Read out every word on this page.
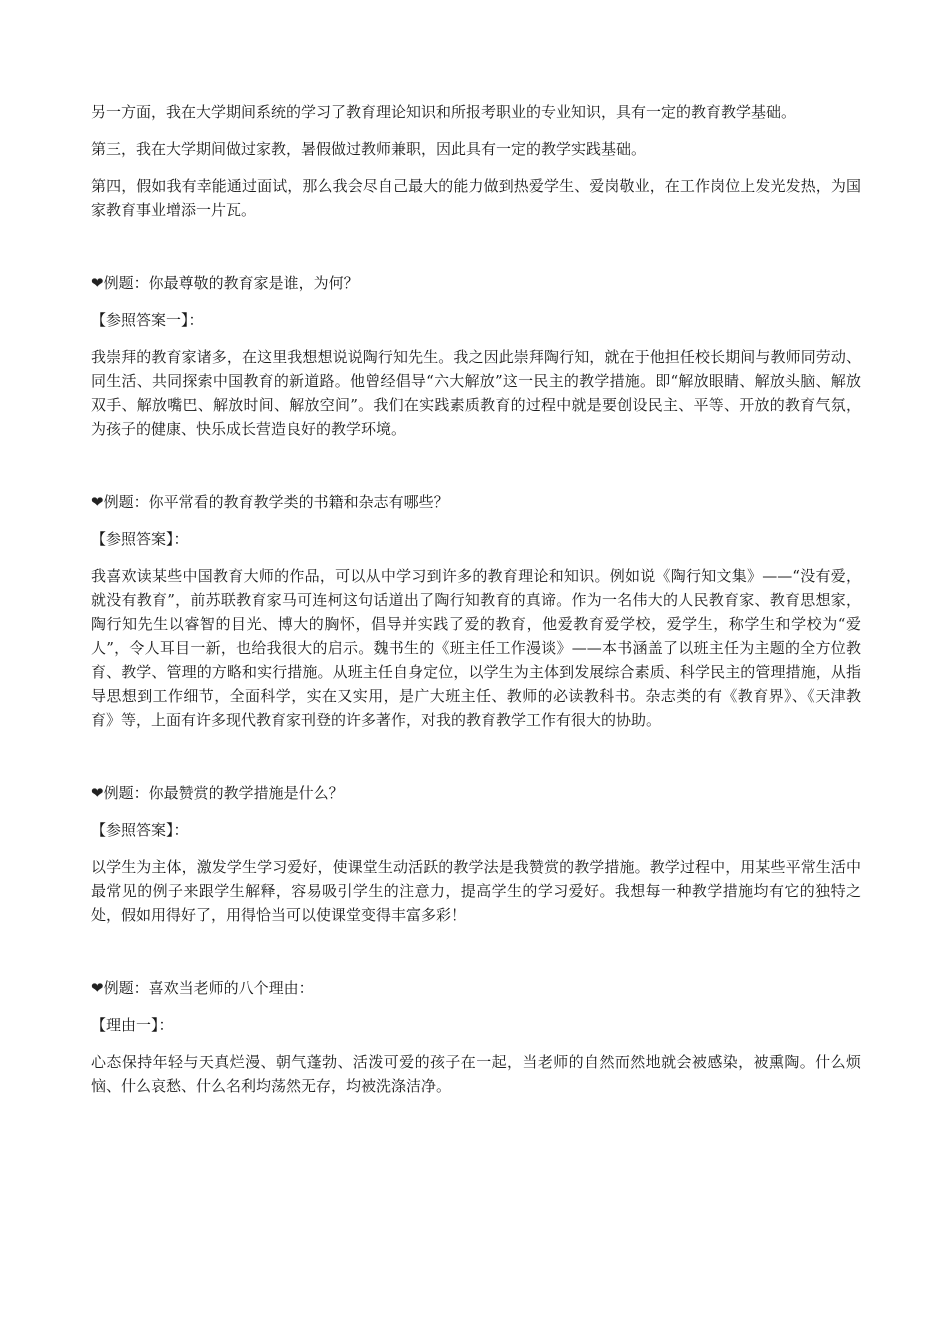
另一方面，我在大学期间系统的学习了教育理论知识和所报考职业的专业知识，具有一定的教育教学基础。

第三，我在大学期间做过家教，暑假做过教师兼职，因此具有一定的教学实践基础。

第四，假如我有幸能通过面试，那么我会尽自己最大的能力做到热爱学生、爱岗敬业，在工作岗位上发光发热，为国家教育事业增添一片瓦。

❤例题：你最尊敬的教育家是谁，为何？

【参照答案一】：

我崇拜的教育家诸多，在这里我想想说说陶行知先生。我之因此崇拜陶行知，就在于他担任校长期间与教师同劳动、同生活、共同探索中国教育的新道路。他曾经倡导“六大解放”这一民主的教学措施。即“解放眼睛、解放头脑、解放双手、解放嘴巴、解放时间、解放空间”。我们在实践素质教育的过程中就是要创设民主、平等、开放的教育气氛，为孩子的健康、快乐成长营造良好的教学环境。

❤例题：你平常看的教育教学类的书籍和杂志有哪些？

【参照答案】：

我喜欢读某些中国教育大师的作品，可以从中学习到许多的教育理论和知识。例如说《陶行知文集》——“没有爱，就没有教育”，前苏联教育家马可连柯这句话道出了陶行知教育的真谛。作为一名伟大的人民教育家、教育思想家，陶行知先生以睿智的目光、博大的胸怀，倡导并实践了爱的教育，他爱教育爱学校，爱学生，称学生和学校为“爱人”，令人耳目一新，也给我很大的启示。魏书生的《班主任工作漫谈》——本书涵盖了以班主任为主题的全方位教育、教学、管理的方略和实行措施。从班主任自身定位，以学生为主体到发展综合素质、科学民主的管理措施，从指导思想到工作细节，全面科学，实在又实用，是广大班主任、教师的必读教科书。杂志类的有《教育界》、《天津教育》等，上面有许多现代教育家刊登的许多著作，对我的教育教学工作有很大的协助。

❤例题：你最赞赏的教学措施是什么？

【参照答案】：

以学生为主体，激发学生学习爱好，使课堂生动活跃的教学法是我赞赏的教学措施。教学过程中，用某些平常生活中最常见的例子来跟学生解释，容易吸引学生的注意力，提高学生的学习爱好。我想每一种教学措施均有它的独特之处，假如用得好了，用得恰当可以使课堂变得丰富多彩！

❤例题：喜欢当老师的八个理由：

【理由一】：

心态保持年轻与天真烂漫、朝气蓬勃、活泼可爱的孩子在一起，当老师的自然而然地就会被感染，被熏陶。什么烦恼、什么哀愁、什么名利均荡然无存，均被洗涤洁净。
